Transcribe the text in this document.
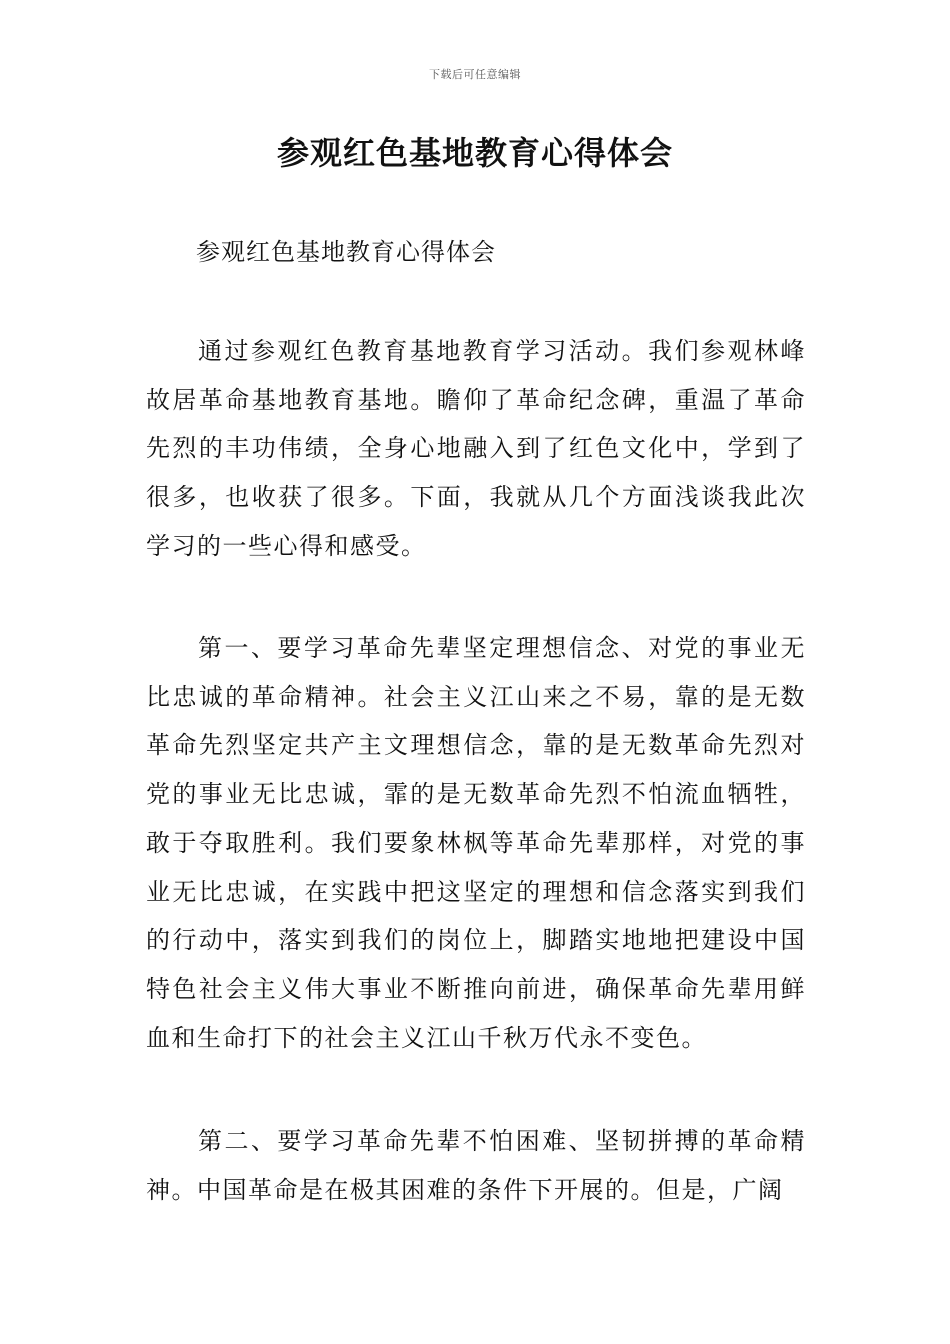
下载后可任意编辑
参观红色基地教育心得体会
参观红色基地教育心得体会
通过参观红色教育基地教育学习活动。我们参观林峰故居革命基地教育基地。瞻仰了革命纪念碑，重温了革命先烈的丰功伟绩，全身心地融入到了红色文化中，学到了很多，也收获了很多。下面，我就从几个方面浅谈我此次学习的一些心得和感受。
第一、要学习革命先辈坚定理想信念、对党的事业无比忠诚的革命精神。社会主义江山来之不易，靠的是无数革命先烈坚定共产主文理想信念，靠的是无数革命先烈对党的事业无比忠诚，霏的是无数革命先烈不怕流血牺牲，敢于夺取胜利。我们要象林枫等革命先辈那样，对党的事业无比忠诚，在实践中把这坚定的理想和信念落实到我们的行动中，落实到我们的岗位上，脚踏实地地把建设中国特色社会主义伟大事业不断推向前进，确保革命先辈用鲜血和生命打下的社会主义江山千秋万代永不变色。
第二、要学习革命先辈不怕困难、坚韧拼搏的革命精神。中国革命是在极其困难的条件下开展的。但是，广阔
